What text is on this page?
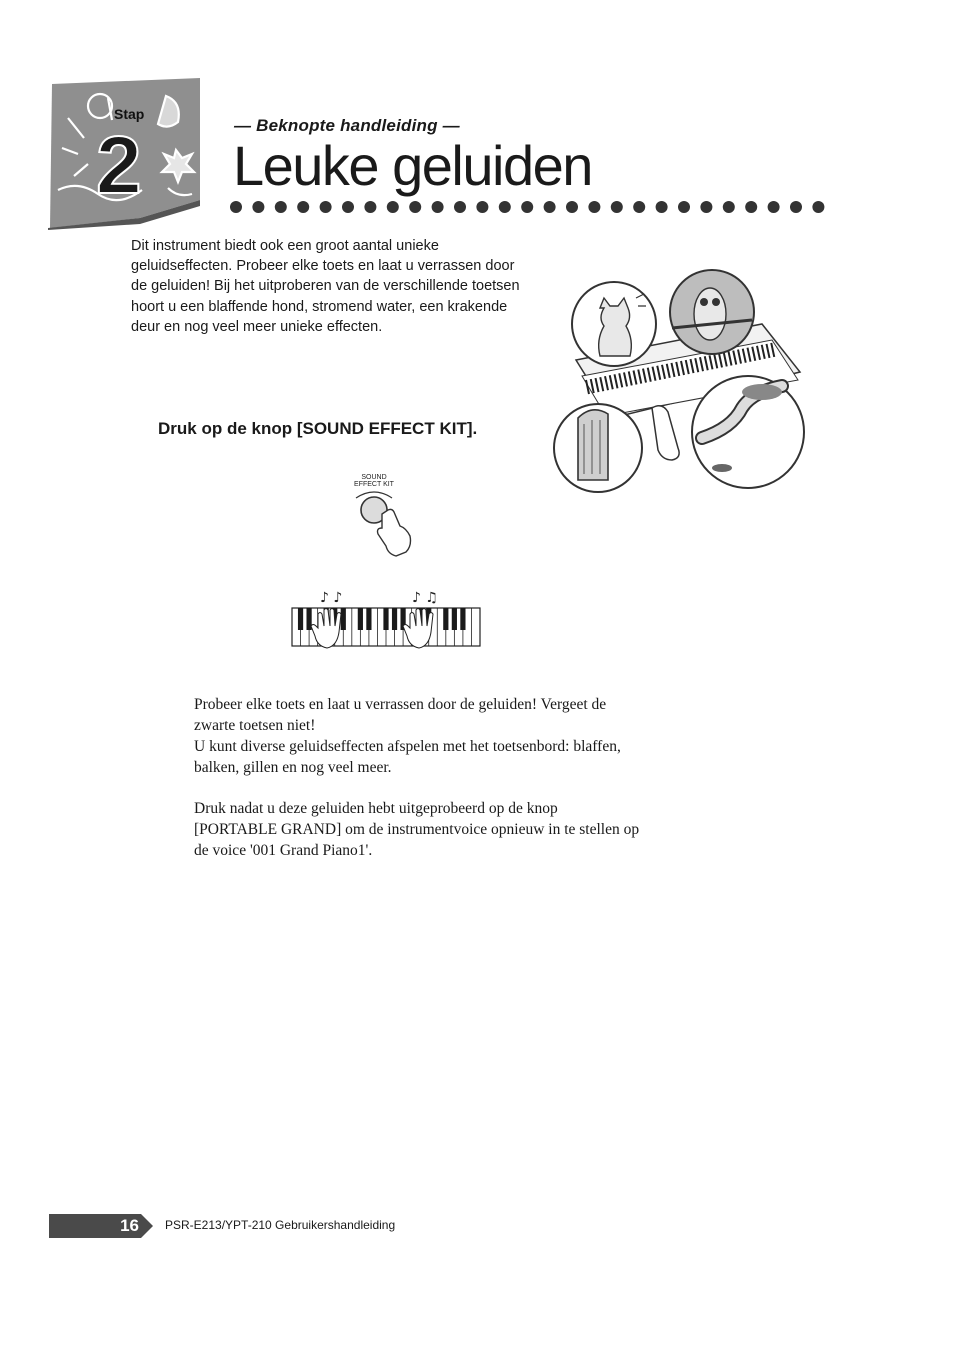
Stap
2	— Beknopte handleiding —
Leuke geluiden
Dit instrument biedt ook een groot aantal unieke geluidseffecten. Probeer elke toets en laat u verrassen door de geluiden! Bij het uitproberen van de verschillende toetsen hoort u een blaffende hond, stromend water, een krakende deur en nog veel meer unieke effecten.
Druk op de knop [SOUND EFFECT KIT].
SOUND
EFFECT KIT
♪ ♪	♪ ♫
Probeer elke toets en laat u verrassen door de geluiden! Vergeet de zwarte toetsen niet!
U kunt diverse geluidseffecten afspelen met het toetsenbord: blaffen, balken, gillen en nog veel meer.
Druk nadat u deze geluiden hebt uitgeprobeerd op de knop [PORTABLE GRAND] om de instrumentvoice opnieuw in te stellen op de voice '001 Grand Piano1'.
16 PSR-E213/YPT-210 Gebruikershandleiding
